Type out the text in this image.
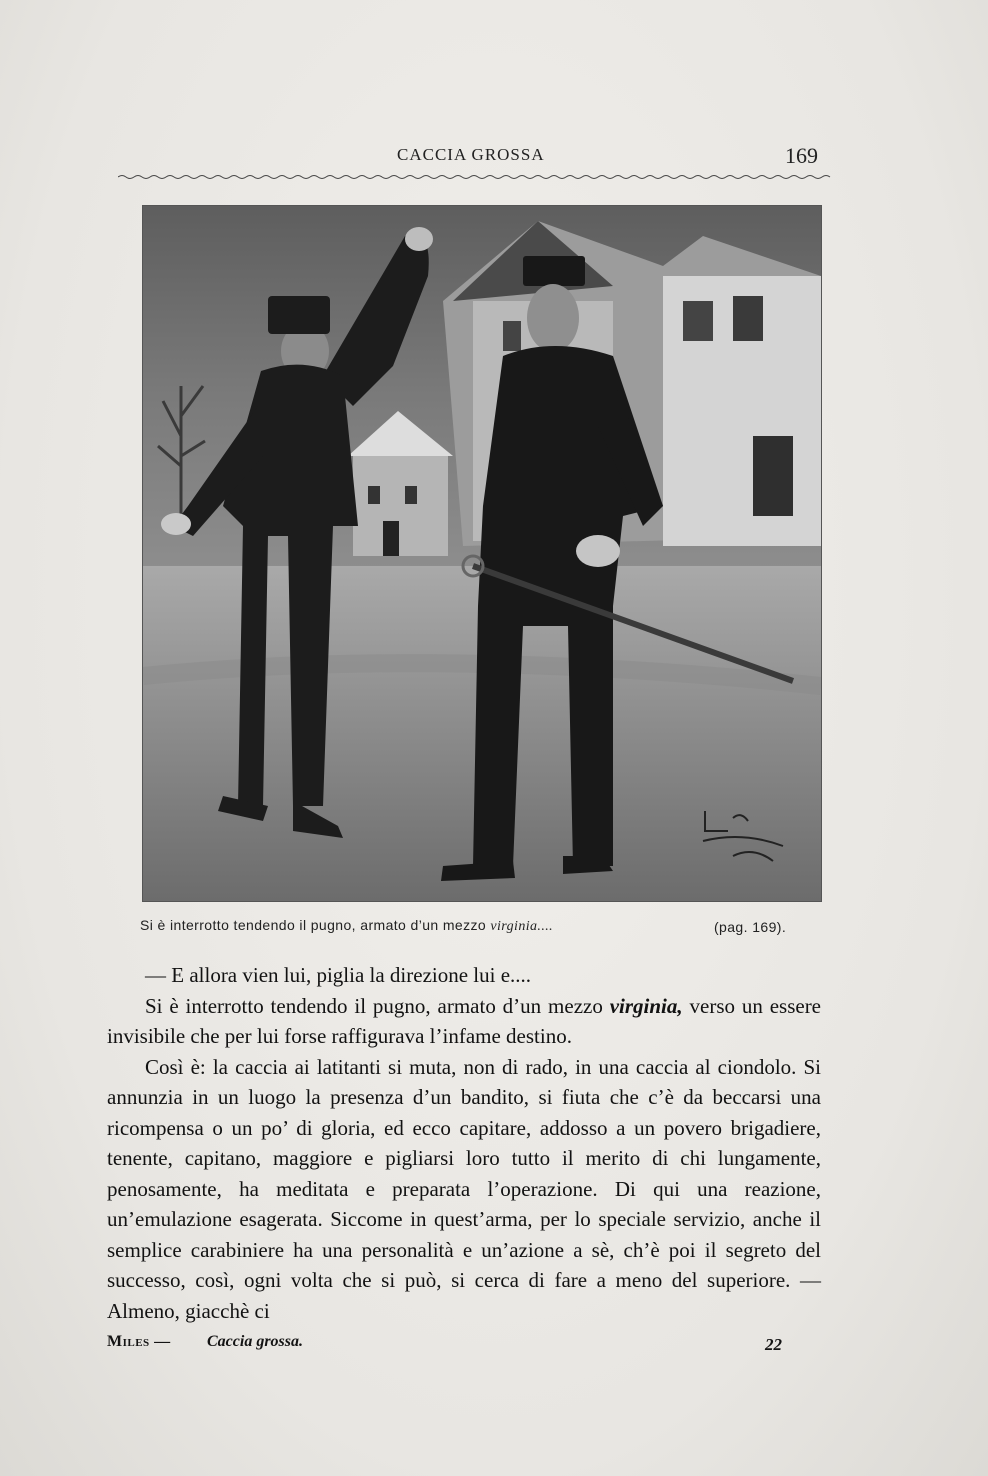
CACCIA GROSSA	169
Si è interrotto tendendo il pugno, armato d’un mezzo virginia....	(pag. 169).

— E allora vien lui, piglia la direzione lui e....

Si è interrotto tendendo il pugno, armato d’un mezzo virginia, verso un essere invisibile che per lui forse raffigurava l’infame destino.

Così è: la caccia ai latitanti si muta, non di rado, in una caccia al ciondolo. Si annunzia in un luogo la presenza d’un bandito, si fiuta che c’è da beccarsi una ricompensa o un po’ di gloria, ed ecco capitare, addosso a un povero brigadiere, tenente, capitano, maggiore e pigliarsi loro tutto il merito di chi lungamente, penosamente, ha meditata e preparata l’operazione. Di qui una reazione, un’emulazione esagerata. Siccome in quest’arma, per lo speciale servizio, anche il semplice carabiniere ha una personalità e un’azione a sè, ch’è poi il segreto del successo, così, ogni volta che si può, si cerca di fare a meno del superiore. — Almeno, giacchè ci

Miles — Caccia grossa.	22
